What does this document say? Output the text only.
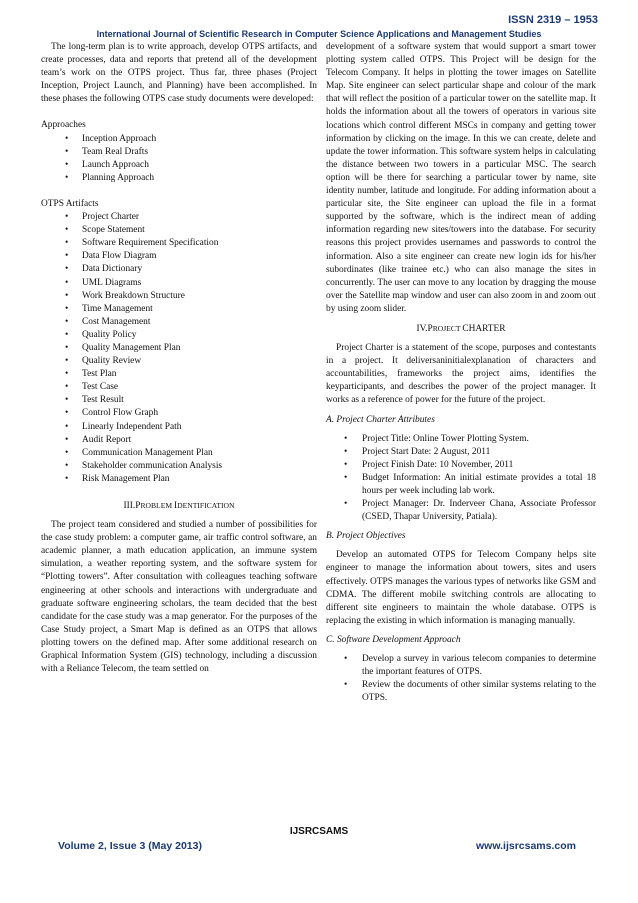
ISSN 2319 – 1953
International Journal of Scientific Research in Computer Science Applications and Management Studies

The long-term plan is to write approach, develop OTPS artifacts, and create processes, data and reports that pretend all of the development team’s work on the OTPS project. Thus far, three phases (Project Inception, Project Launch, and Planning) have been accomplished. In these phases the following OTPS case study documents were developed:

Approaches
• Inception Approach
• Team Real Drafts
• Launch Approach
• Planning Approach
OTPS Artifacts
• Project Charter
• Scope Statement
• Software Requirement Specification
• Data Flow Diagram
• Data Dictionary
• UML Diagrams
• Work Breakdown Structure
• Time Management
• Cost Management
• Quality Policy
• Quality Management Plan
• Quality Review
• Test Plan
• Test Case
• Test Result
• Control Flow Graph
• Linearly Independent Path
• Audit Report
• Communication Management Plan
• Stakeholder communication Analysis
• Risk Management Plan
III.PROBLEM IDENTIFICATION

The project team considered and studied a number of possibilities for the case study problem: a computer game, air traffic control software, an academic planner, a math education application, an immune system simulation, a weather reporting system, and the software system for “Plotting towers”. After consultation with colleagues teaching software engineering at other schools and interactions with undergraduate and graduate software engineering scholars, the team decided that the best candidate for the case study was a map generator. For the purposes of the Case Study project, a Smart Map is defined as an OTPS that allows plotting towers on the defined map. After some additional research on Graphical Information System (GIS) technology, including a discussion with a Reliance Telecom, the team settled on

development of a software system that would support a smart tower plotting system called OTPS. This Project will be design for the Telecom Company. It helps in plotting the tower images on Satellite Map. Site engineer can select particular shape and colour of the mark that will reflect the position of a particular tower on the satellite map. It holds the information about all the towers of operators in various site locations which control different MSCs in company and getting tower information by clicking on the image. In this we can create, delete and update the tower information. This software system helps in calculating the distance between two towers in a particular MSC. The search option will be there for searching a particular tower by name, site identity number, latitude and longitude. For adding information about a particular site, the Site engineer can upload the file in a format supported by the software, which is the indirect mean of adding information regarding new sites/towers into the database. For security reasons this project provides usernames and passwords to control the information. Also a site engineer can create new login ids for his/her subordinates (like trainee etc.) who can also manage the sites in concurrently. The user can move to any location by dragging the mouse over the Satellite map window and user can also zoom in and zoom out by using zoom slider.

IV.PROJECT CHARTER

Project Charter is a statement of the scope, purposes and contestants in a project. It deliversaninitialexplanation of characters and accountabilities, frameworks the project aims, identifies the keyparticipants, and describes the power of the project manager. It works as a reference of power for the future of the project.

A. Project Charter Attributes

• Project Title: Online Tower Plotting System.
• Project Start Date: 2 August, 2011
• Project Finish Date: 10 November, 2011
• Budget Information: An initial estimate provides a total 18 hours per week including lab work.
• Project Manager: Dr. Inderveer Chana, Associate Professor (CSED, Thapar University, Patiala).

B. Project Objectives

Develop an automated OTPS for Telecom Company helps site engineer to manage the information about towers, sites and users effectively. OTPS manages the various types of networks like GSM and CDMA. The different mobile switching controls are allocating to different site engineers to maintain the whole database. OTPS is replacing the existing in which information is managing manually.

C. Software Development Approach

• Develop a survey in various telecom companies to determine the important features of OTPS.
• Review the documents of other similar systems relating to the OTPS.
IJSRCSAMS
Volume 2, Issue 3 (May 2013)	www.ijsrcsams.com
